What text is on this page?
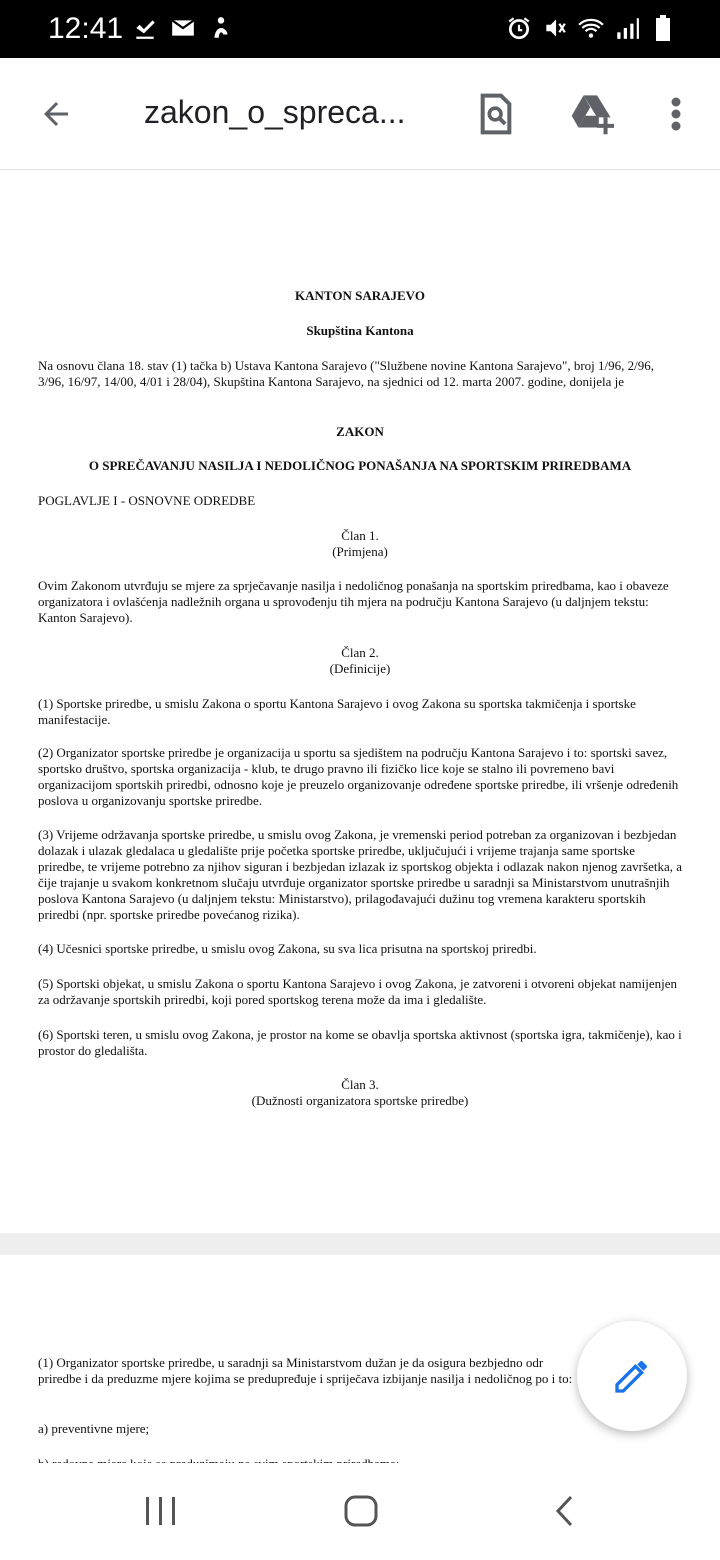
12:41
zakon_o_spreca...
KANTON SARAJEVO
Skupština Kantona
Na osnovu člana 18. stav (1) tačka b) Ustava Kantona Sarajevo ("Službene novine Kantona Sarajevo", broj 1/96, 2/96, 3/96, 16/97, 14/00, 4/01 i 28/04), Skupština Kantona Sarajevo, na sjednici od 12. marta 2007. godine, donijela je
ZAKON
O SPREČAVANJU NASILJA I NEDOLIČNOG PONAŠANJA NA SPORTSKIM PRIREDBAMA
POGLAVLJE I - OSNOVNE ODREDBE
Član 1.
(Primjena)
Ovim Zakonom utvrđuju se mjere za sprječavanje nasilja i nedoličnog ponašanja na sportskim priredbama, kao i obaveze organizatora i ovlašćenja nadležnih organa u sprovođenju tih mjera na području Kantona Sarajevo (u daljnjem tekstu: Kanton Sarajevo).
Član 2.
(Definicije)
(1) Sportske priredbe, u smislu Zakona o sportu Kantona Sarajevo i ovog Zakona su sportska takmičenja i sportske manifestacije.
(2) Organizator sportske priredbe je organizacija u sportu sa sjedištem na području Kantona Sarajevo i to: sportski savez, sportsko društvo, sportska organizacija - klub, te drugo pravno ili fizičko lice koje se stalno ili povremeno bavi organizacijom sportskih priredbi, odnosno koje je preuzelo organizovanje određene sportske priredbe, ili vršenje određenih poslova u organizovanju sportske priredbe.
(3) Vrijeme održavanja sportske priredbe, u smislu ovog Zakona, je vremenski period potreban za organizovan i bezbjedan dolazak i ulazak gledalaca u gledalište prije početka sportske priredbe, uključujući i vrijeme trajanja same sportske priredbe, te vrijeme potrebno za njihov siguran i bezbjedan izlazak iz sportskog objekta i odlazak nakon njenog završetka, a čije trajanje u svakom konkretnom slučaju utvrđuje organizator sportske priredbe u saradnji sa Ministarstvom unutrašnjih poslova Kantona Sarajevo (u daljnjem tekstu: Ministarstvo), prilagođavajući dužinu tog vremena karakteru sportskih priredbi (npr. sportske priredbe povećanog rizika).
(4) Učesnici sportske priredbe, u smislu ovog Zakona, su sva lica prisutna na sportskoj priredbi.
(5) Sportski objekat, u smislu Zakona o sportu Kantona Sarajevo i ovog Zakona, je zatvoreni i otvoreni objekat namijenjen za održavanje sportskih priredbi, koji pored sportskog terena može da ima i gledalište.
(6) Sportski teren, u smislu ovog Zakona, je prostor na kome se obavlja sportska aktivnost (sportska igra, takmičenje), kao i prostor do gledališta.
Član 3.
(Dužnosti organizatora sportske priredbe)
(1) Organizator sportske priredbe, u saradnji sa Ministarstvom dužan je da osigura bezbjedno odr priredbe i da preduzme mjere kojima se predupređuje i spriječava izbijanje nasilja i nedoličnog po i to:
a) preventivne mjere;
